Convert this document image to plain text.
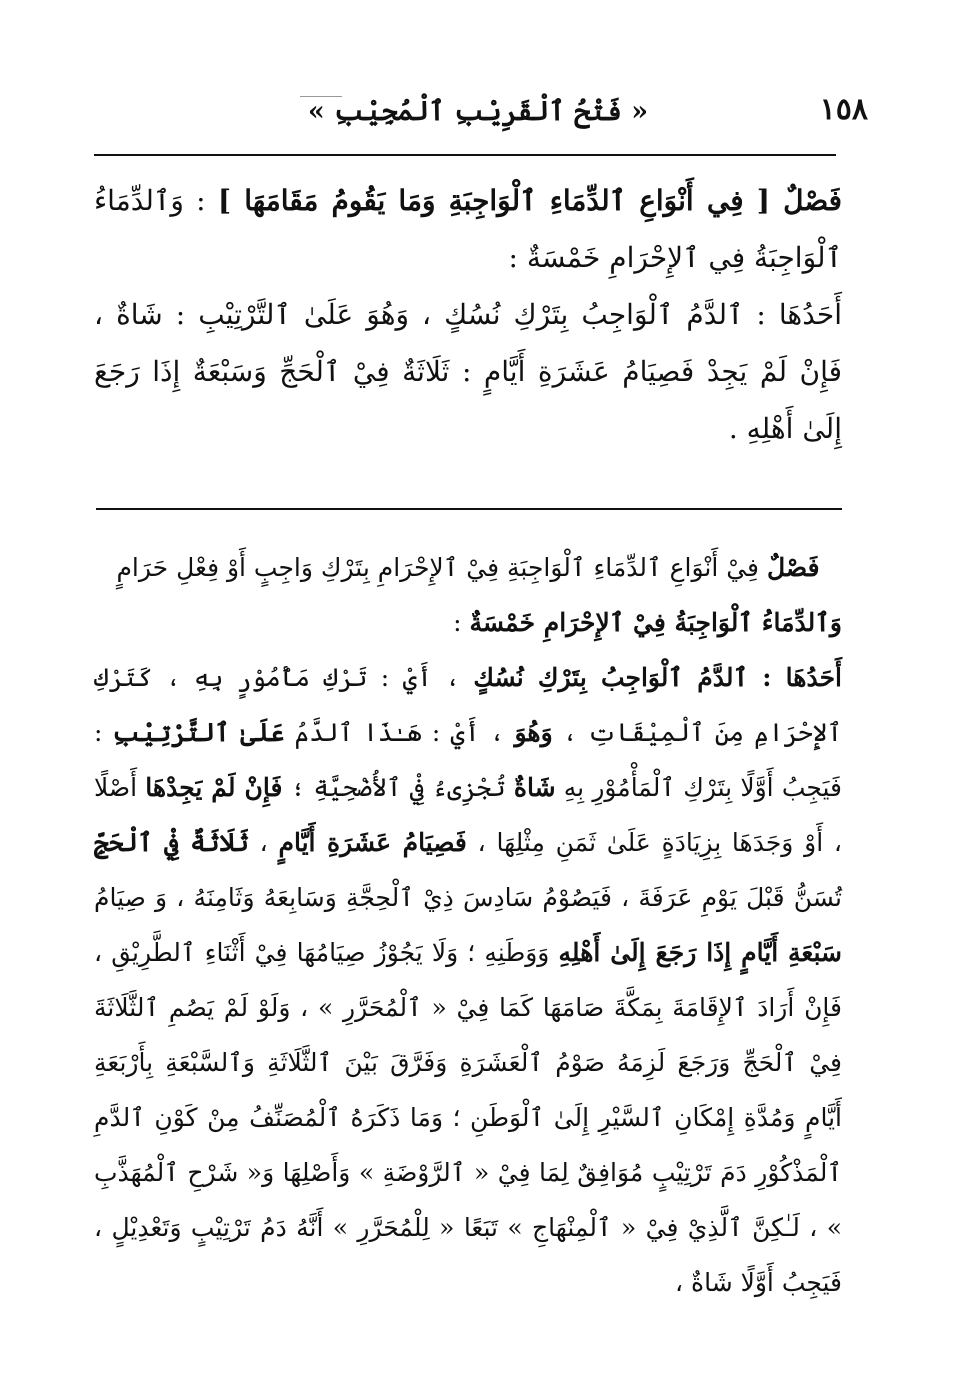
١٥٨
« فَتْحُ ٱلْقَرِيْبِ ٱلْمُجِيْبِ »

فَصْلٌ [ فِي أَنْوَاعِ ٱلدِّمَاءِ ٱلْوَاجِبَةِ وَمَا يَقُومُ مَقَامَهَا ] : وَٱلدِّمَاءُ ٱلْوَاجِبَةُ فِي ٱلإِحْرَامِ خَمْسَةٌ :

أَحَدُهَا : ٱلدَّمُ ٱلْوَاجِبُ بِتَرْكِ نُسُكٍ ، وَهُوَ عَلَىٰ ٱلتَّرْتِيْبِ : شَاةٌ ، فَإِنْ لَمْ يَجِدْ فَصِيَامُ عَشَرَةِ أَيَّامٍ : ثَلَاثَةٌ فِيْ ٱلْحَجِّ وَسَبْعَةٌ إِذَا رَجَعَ إِلَىٰ أَهْلِهِ .

فَصْلٌ فِيْ أَنْوَاعِ ٱلدِّمَاءِ ٱلْوَاجِبَةِ فِيْ ٱلإِحْرَامِ بِتَرْكِ وَاجِبٍ أَوْ فِعْلِ حَرَامٍ

وَٱلدِّمَاءُ ٱلْوَاجِبَةُ فِيْ ٱلإِحْرَامِ خَمْسَةٌ :

أَحَدُهَا : ٱلدَّمُ ٱلْوَاجِبُ بِتَرْكِ نُسُكٍ ، أَيْ : تَرْكِ مَأْمُوْرٍ بِهِ ، كَتَرْكِ ٱلإِحْرَامِ مِنَ ٱلْمِيْقَاتِ ، وَهُوَ ، أَيْ : هَـٰذَا ٱلدَّمُ عَلَىٰ ٱلتَّرْتِيْبِ : فَيَجِبُ أَوَّلًا بِتَرْكِ ٱلْمَأْمُوْرِ بِهِ شَاةٌ تُجْزِىءُ فِيْ ٱلأُضْحِيَّةِ ؛ فَإِنْ لَمْ يَجِدْهَا أَصْلًا ، أَوْ وَجَدَهَا بِزِيَادَةٍ عَلَىٰ ثَمَنِ مِثْلِهَا ، فَصِيَامُ عَشَرَةِ أَيَّامٍ ، ثَلَاثَةٌ فِيْ ٱلْحَجِّ تُسَنُّ قَبْلَ يَوْمِ عَرَفَةَ ، فَيَصُوْمُ سَادِسَ ذِيْ ٱلْحِجَّةِ وَسَابِعَهُ وَثَامِنَهُ ، وَ صِيَامُ سَبْعَةِ أَيَّامٍ إِذَا رَجَعَ إِلَىٰ أَهْلِهِ وَوَطَنِهِ ؛ وَلَا يَجُوْزُ صِيَامُهَا فِيْ أَثْنَاءِ ٱلطَّرِيْقِ ، فَإِنْ أَرَادَ ٱلإِقَامَةَ بِمَكَّةَ صَامَهَا كَمَا فِيْ « ٱلْمُحَرَّرِ » ، وَلَوْ لَمْ يَصُمِ ٱلثَّلَاثَةَ فِيْ ٱلْحَجِّ وَرَجَعَ لَزِمَهُ صَوْمُ ٱلْعَشَرَةِ وَفَرَّقَ بَيْنَ ٱلثَّلَاثَةِ وَٱلسَّبْعَةِ بِأَرْبَعَةِ أَيَّامٍ وَمُدَّةِ إِمْكَانِ ٱلسَّيْرِ إِلَىٰ ٱلْوَطَنِ ؛ وَمَا ذَكَرَهُ ٱلْمُصَنِّفُ مِنْ كَوْنِ ٱلدَّمِ ٱلْمَذْكُوْرِ دَمَ تَرْتِيْبٍ مُوَافِقٌ لِمَا فِيْ « ٱلرَّوْضَةِ » وَأَصْلِهَا وَ« شَرْحِ ٱلْمُهَذَّبِ » ، لَـٰكِنَّ ٱلَّذِيْ فِيْ « ٱلْمِنْهَاجِ » تَبَعًا « لِلْمُحَرَّرِ » أَنَّهُ دَمُ تَرْتِيْبٍ وَتَعْدِيْلٍ ، فَيَجِبُ أَوَّلًا شَاةٌ ،
